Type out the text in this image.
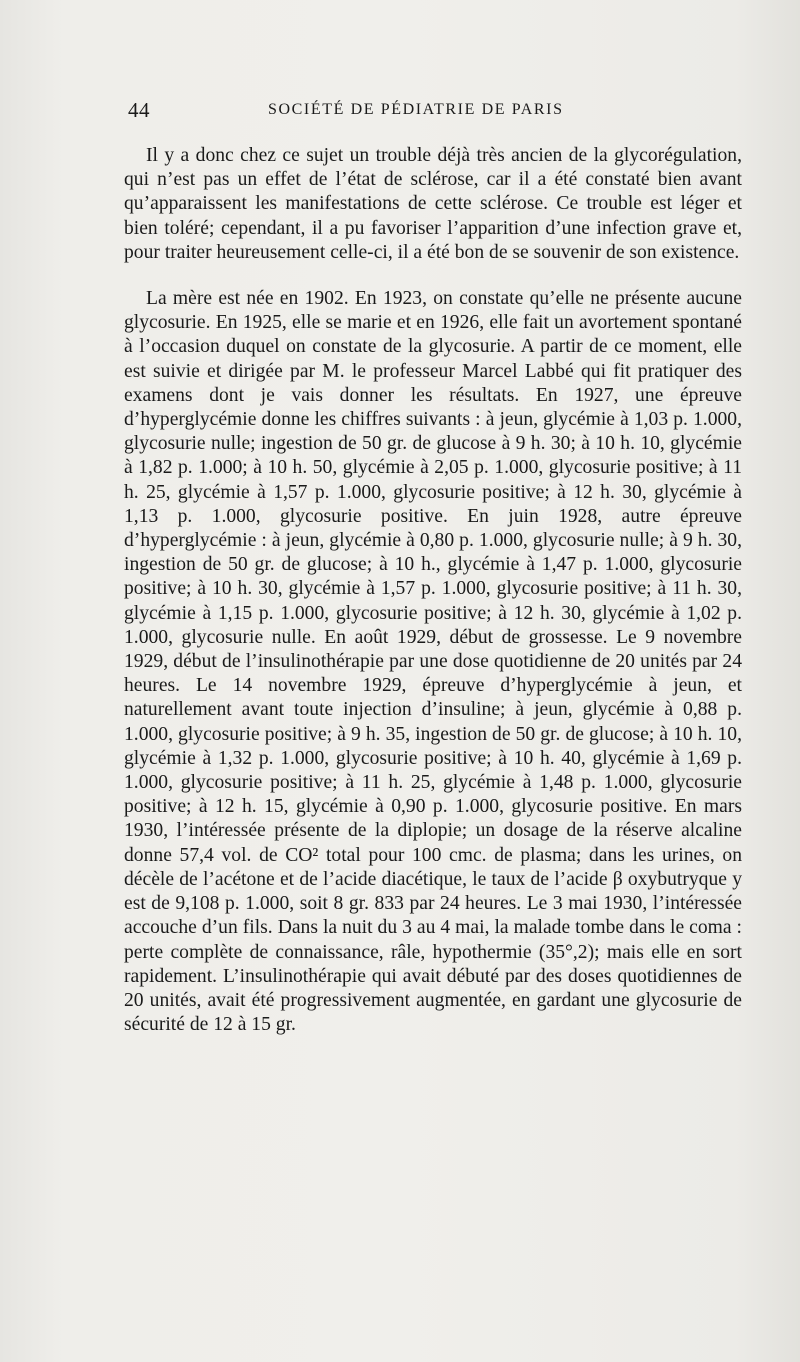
44	SOCIÉTÉ DE PÉDIATRIE DE PARIS

Il y a donc chez ce sujet un trouble déjà très ancien de la glycorégulation, qui n’est pas un effet de l’état de sclérose, car il a été constaté bien avant qu’apparaissent les manifestations de cette sclérose. Ce trouble est léger et bien toléré; cependant, il a pu favoriser l’apparition d’une infection grave et, pour traiter heureusement celle-ci, il a été bon de se souvenir de son existence.

La mère est née en 1902. En 1923, on constate qu’elle ne présente aucune glycosurie. En 1925, elle se marie et en 1926, elle fait un avortement spontané à l’occasion duquel on constate de la glycosurie. A partir de ce moment, elle est suivie et dirigée par M. le professeur Marcel Labbé qui fit pratiquer des examens dont je vais donner les résultats. En 1927, une épreuve d’hyperglycémie donne les chiffres suivants : à jeun, glycémie à 1,03 p. 1.000, glycosurie nulle; ingestion de 50 gr. de glucose à 9 h. 30; à 10 h. 10, glycémie à 1,82 p. 1.000; à 10 h. 50, glycémie à 2,05 p. 1.000, glycosurie positive; à 11 h. 25, glycémie à 1,57 p. 1.000, glycosurie positive; à 12 h. 30, glycémie à 1,13 p. 1.000, glycosurie positive. En juin 1928, autre épreuve d’hyperglycémie : à jeun, glycémie à 0,80 p. 1.000, glycosurie nulle; à 9 h. 30, ingestion de 50 gr. de glucose; à 10 h., glycémie à 1,47 p. 1.000, glycosurie positive; à 10 h. 30, glycémie à 1,57 p. 1.000, glycosurie positive; à 11 h. 30, glycémie à 1,15 p. 1.000, glycosurie positive; à 12 h. 30, glycémie à 1,02 p. 1.000, glycosurie nulle. En août 1929, début de grossesse. Le 9 novembre 1929, début de l’insulinothérapie par une dose quotidienne de 20 unités par 24 heures. Le 14 novembre 1929, épreuve d’hyperglycémie à jeun, et naturellement avant toute injection d’insuline; à jeun, glycémie à 0,88 p. 1.000, glycosurie positive; à 9 h. 35, ingestion de 50 gr. de glucose; à 10 h. 10, glycémie à 1,32 p. 1.000, glycosurie positive; à 10 h. 40, glycémie à 1,69 p. 1.000, glycosurie positive; à 11 h. 25, glycémie à 1,48 p. 1.000, glycosurie positive; à 12 h. 15, glycémie à 0,90 p. 1.000, glycosurie positive. En mars 1930, l’intéressée présente de la diplopie; un dosage de la réserve alcaline donne 57,4 vol. de CO² total pour 100 cmc. de plasma; dans les urines, on décèle de l’acétone et de l’acide diacétique, le taux de l’acide β oxybutryque y est de 9,108 p. 1.000, soit 8 gr. 833 par 24 heures. Le 3 mai 1930, l’intéressée accouche d’un fils. Dans la nuit du 3 au 4 mai, la malade tombe dans le coma : perte complète de connaissance, râle, hypothermie (35°,2); mais elle en sort rapidement. L’insulinothérapie qui avait débuté par des doses quotidiennes de 20 unités, avait été progressivement augmentée, en gardant une glycosurie de sécurité de 12 à 15 gr.
